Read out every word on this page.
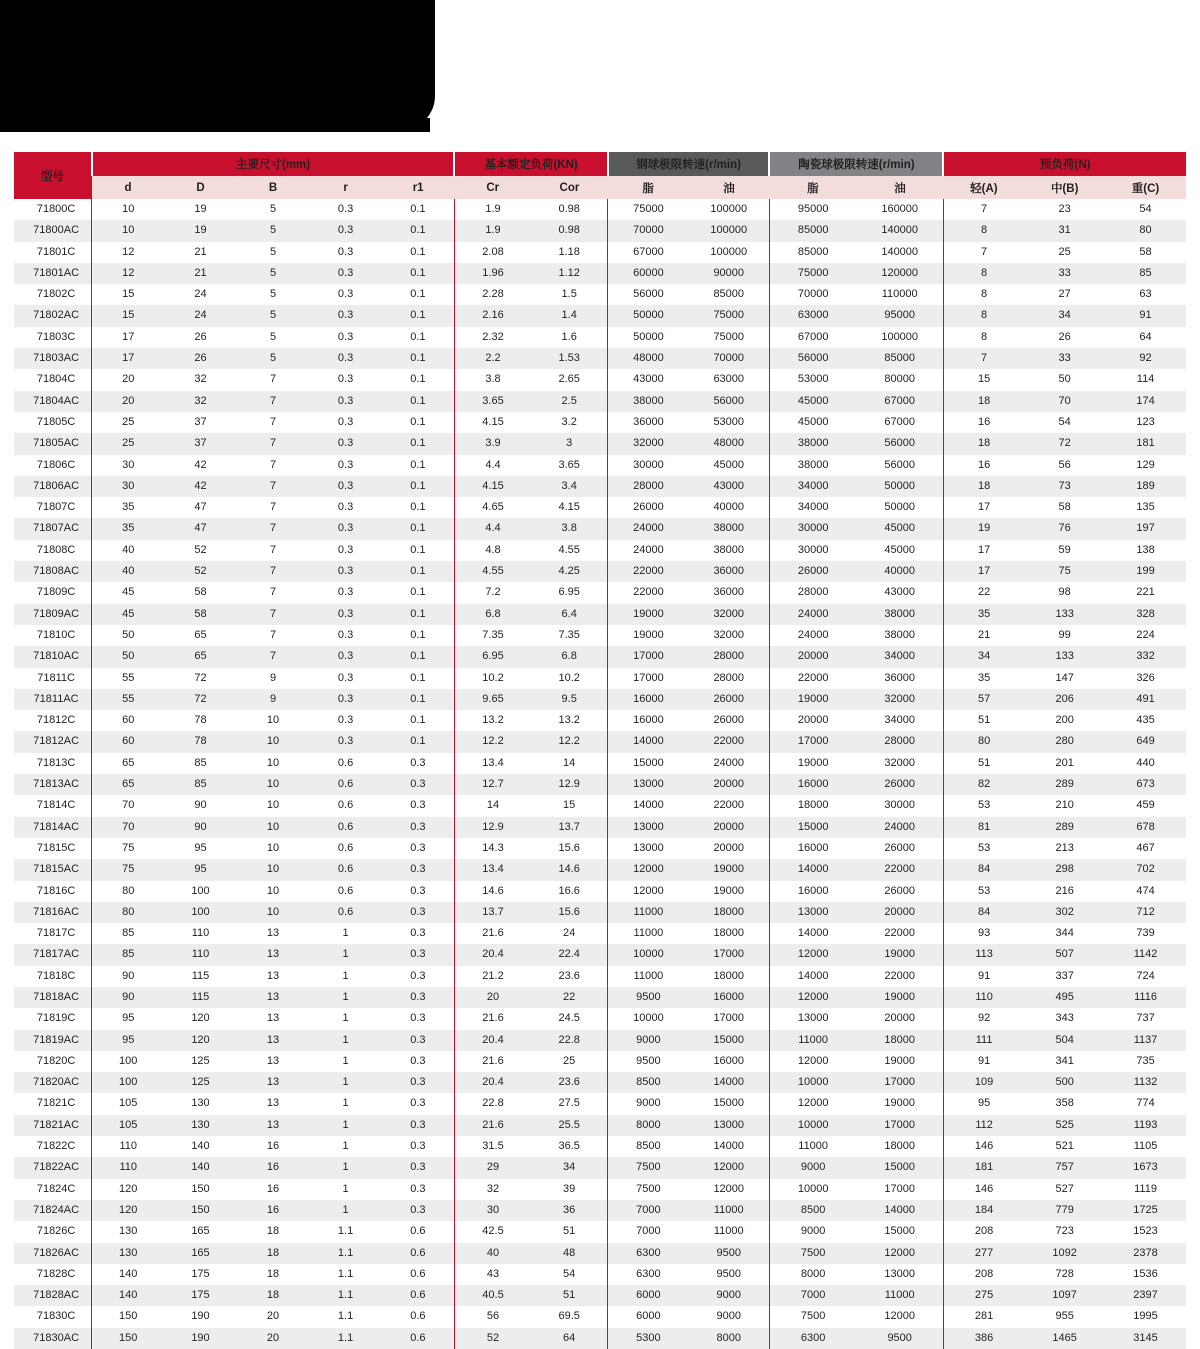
型号	主要尺寸(mm)					基本额定负荷(KN)		钢球极限转速(r/min)		陶瓷球极限转速(r/min)		预负荷(N)		
	d	D	B	r	r1	Cr	Cor	脂	油	脂	油	轻(A)	中(B)	重(C)
71800C	10	19	5	0.3	0.1	1.9	0.98	75000	100000	95000	160000	7	23	54
71800AC	10	19	5	0.3	0.1	1.9	0.98	70000	100000	85000	140000	8	31	80
71801C	12	21	5	0.3	0.1	2.08	1.18	67000	100000	85000	140000	7	25	58
71801AC	12	21	5	0.3	0.1	1.96	1.12	60000	90000	75000	120000	8	33	85
71802C	15	24	5	0.3	0.1	2.28	1.5	56000	85000	70000	110000	8	27	63
71802AC	15	24	5	0.3	0.1	2.16	1.4	50000	75000	63000	95000	8	34	91
71803C	17	26	5	0.3	0.1	2.32	1.6	50000	75000	67000	100000	8	26	64
71803AC	17	26	5	0.3	0.1	2.2	1.53	48000	70000	56000	85000	7	33	92
71804C	20	32	7	0.3	0.1	3.8	2.65	43000	63000	53000	80000	15	50	114
71804AC	20	32	7	0.3	0.1	3.65	2.5	38000	56000	45000	67000	18	70	174
71805C	25	37	7	0.3	0.1	4.15	3.2	36000	53000	45000	67000	16	54	123
71805AC	25	37	7	0.3	0.1	3.9	3	32000	48000	38000	56000	18	72	181
71806C	30	42	7	0.3	0.1	4.4	3.65	30000	45000	38000	56000	16	56	129
71806AC	30	42	7	0.3	0.1	4.15	3.4	28000	43000	34000	50000	18	73	189
71807C	35	47	7	0.3	0.1	4.65	4.15	26000	40000	34000	50000	17	58	135
71807AC	35	47	7	0.3	0.1	4.4	3.8	24000	38000	30000	45000	19	76	197
71808C	40	52	7	0.3	0.1	4.8	4.55	24000	38000	30000	45000	17	59	138
71808AC	40	52	7	0.3	0.1	4.55	4.25	22000	36000	26000	40000	17	75	199
71809C	45	58	7	0.3	0.1	7.2	6.95	22000	36000	28000	43000	22	98	221
71809AC	45	58	7	0.3	0.1	6.8	6.4	19000	32000	24000	38000	35	133	328
71810C	50	65	7	0.3	0.1	7.35	7.35	19000	32000	24000	38000	21	99	224
71810AC	50	65	7	0.3	0.1	6.95	6.8	17000	28000	20000	34000	34	133	332
71811C	55	72	9	0.3	0.1	10.2	10.2	17000	28000	22000	36000	35	147	326
71811AC	55	72	9	0.3	0.1	9.65	9.5	16000	26000	19000	32000	57	206	491
71812C	60	78	10	0.3	0.1	13.2	13.2	16000	26000	20000	34000	51	200	435
71812AC	60	78	10	0.3	0.1	12.2	12.2	14000	22000	17000	28000	80	280	649
71813C	65	85	10	0.6	0.3	13.4	14	15000	24000	19000	32000	51	201	440
71813AC	65	85	10	0.6	0.3	12.7	12.9	13000	20000	16000	26000	82	289	673
71814C	70	90	10	0.6	0.3	14	15	14000	22000	18000	30000	53	210	459
71814AC	70	90	10	0.6	0.3	12.9	13.7	13000	20000	15000	24000	81	289	678
71815C	75	95	10	0.6	0.3	14.3	15.6	13000	20000	16000	26000	53	213	467
71815AC	75	95	10	0.6	0.3	13.4	14.6	12000	19000	14000	22000	84	298	702
71816C	80	100	10	0.6	0.3	14.6	16.6	12000	19000	16000	26000	53	216	474
71816AC	80	100	10	0.6	0.3	13.7	15.6	11000	18000	13000	20000	84	302	712
71817C	85	110	13	1	0.3	21.6	24	11000	18000	14000	22000	93	344	739
71817AC	85	110	13	1	0.3	20.4	22.4	10000	17000	12000	19000	113	507	1142
71818C	90	115	13	1	0.3	21.2	23.6	11000	18000	14000	22000	91	337	724
71818AC	90	115	13	1	0.3	20	22	9500	16000	12000	19000	110	495	1116
71819C	95	120	13	1	0.3	21.6	24.5	10000	17000	13000	20000	92	343	737
71819AC	95	120	13	1	0.3	20.4	22.8	9000	15000	11000	18000	111	504	1137
71820C	100	125	13	1	0.3	21.6	25	9500	16000	12000	19000	91	341	735
71820AC	100	125	13	1	0.3	20.4	23.6	8500	14000	10000	17000	109	500	1132
71821C	105	130	13	1	0.3	22.8	27.5	9000	15000	12000	19000	95	358	774
71821AC	105	130	13	1	0.3	21.6	25.5	8000	13000	10000	17000	112	525	1193
71822C	110	140	16	1	0.3	31.5	36.5	8500	14000	11000	18000	146	521	1105
71822AC	110	140	16	1	0.3	29	34	7500	12000	9000	15000	181	757	1673
71824C	120	150	16	1	0.3	32	39	7500	12000	10000	17000	146	527	1119
71824AC	120	150	16	1	0.3	30	36	7000	11000	8500	14000	184	779	1725
71826C	130	165	18	1.1	0.6	42.5	51	7000	11000	9000	15000	208	723	1523
71826AC	130	165	18	1.1	0.6	40	48	6300	9500	7500	12000	277	1092	2378
71828C	140	175	18	1.1	0.6	43	54	6300	9500	8000	13000	208	728	1536
71828AC	140	175	18	1.1	0.6	40.5	51	6000	9000	7000	11000	275	1097	2397
71830C	150	190	20	1.1	0.6	56	69.5	6000	9000	7500	12000	281	955	1995
71830AC	150	190	20	1.1	0.6	52	64	5300	8000	6300	9500	386	1465	3145
